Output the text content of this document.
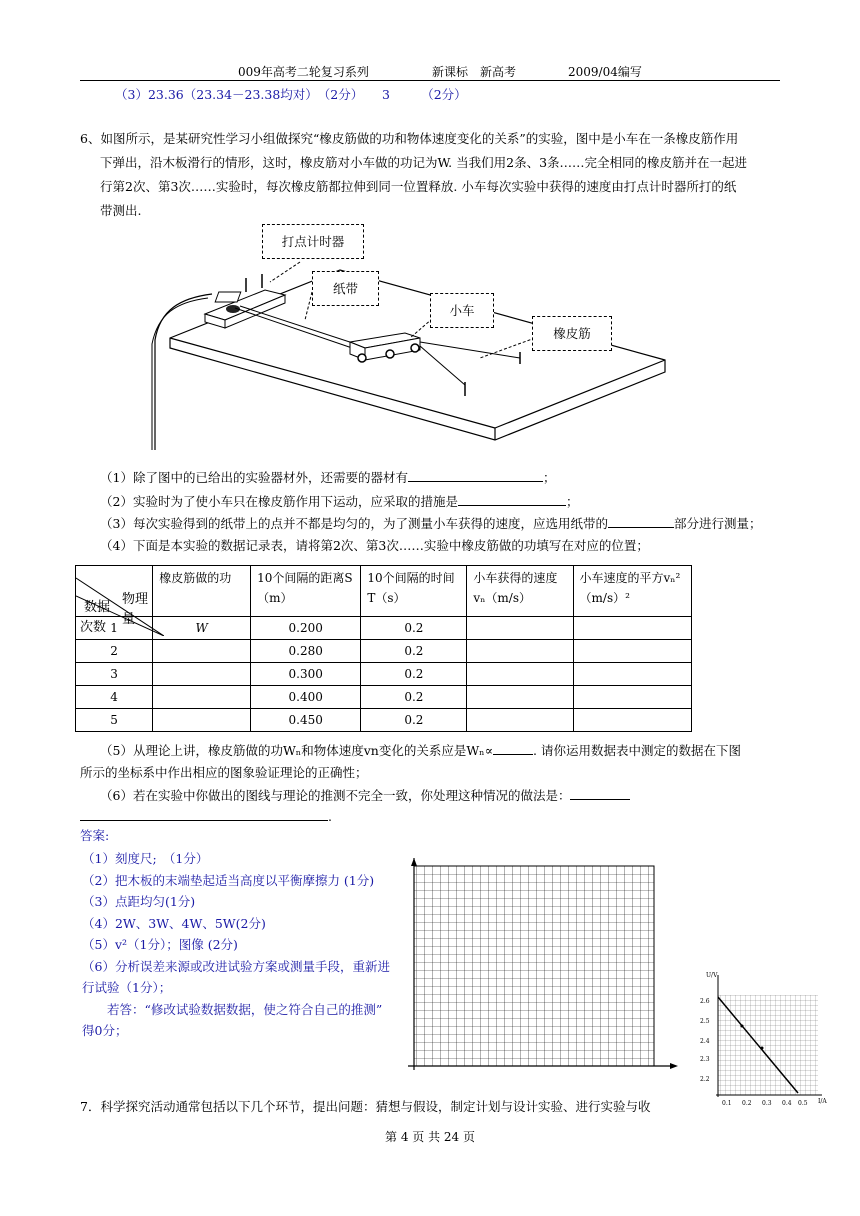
009年高考二轮复习系列	新课标　新高考	2009/04编写
（3）23.36（23.34－23.38均对）　（2分）　　3　　　（2分）
6、如图所示，是某研究性学习小组做探究“橡皮筋做的功和物体速度变化的关系”的实验，图中是小车在一条橡皮筋作用
下弹出，沿木板滑行的情形，这时，橡皮筋对小车做的功记为W. 当我们用2条、3条……完全相同的橡皮筋并在一起进
行第2次、第3次……实验时，每次橡皮筋都拉伸到同一位置释放. 小车每次实验中获得的速度由打点计时器所打的纸
带测出.
打点计时器
纸带
小车
橡皮筋
（1）除了图中的已给出的实验器材外，还需要的器材有	；
（2）实验时为了使小车只在橡皮筋作用下运动，应采取的措施是	；
（3）每次实验得到的纸带上的点并不都是均匀的，为了测量小车获得的速度，应选用纸带的	部分进行测量；
（4）下面是本实验的数据记录表，请将第2次、第3次……实验中橡皮筋做的功填写在对应的位置；
物理量
数据
次数	橡皮筋做的功	10个间隔的距离S（m）	10个间隔的时间T（s）	小车获得的速度vₙ（m/s）	小车速度的平方vₙ²（m/s）²
1	W	0.200	0.2		
2		0.280	0.2		
3		0.300	0.2		
4		0.400	0.2		
5		0.450	0.2		
（5）从理论上讲，橡皮筋做的功Wₙ和物体速度vn变化的关系应是Wₙ∝	. 请你运用数据表中测定的数据在下图
所示的坐标系中作出相应的图象验证理论的正确性；
（6）若在实验中你做出的图线与理论的推测不完全一致，你处理这种情况的做法是：
.
答案:
（1）刻度尺;　（1分）
（2）把木板的末端垫起适当高度以平衡摩擦力 (1分)
（3）点距均匀(1分)
（4）2W、3W、4W、5W(2分)
（5）v²（1分）；图像 (2分)
（6）分析误差来源或改进试验方案或测量手段，重新进
行试验（1分）；
　　若答：“修改试验数据数据，使之符合自己的推测”
得0分；
U/V
I/A
2.6
2.5
2.4
2.3
2.2
0.1 0.2 0.3 0.4 0.5
7．科学探究活动通常包括以下几个环节，提出问题：猜想与假设，制定计划与设计实验、进行实验与收
第 4 页 共 24 页
